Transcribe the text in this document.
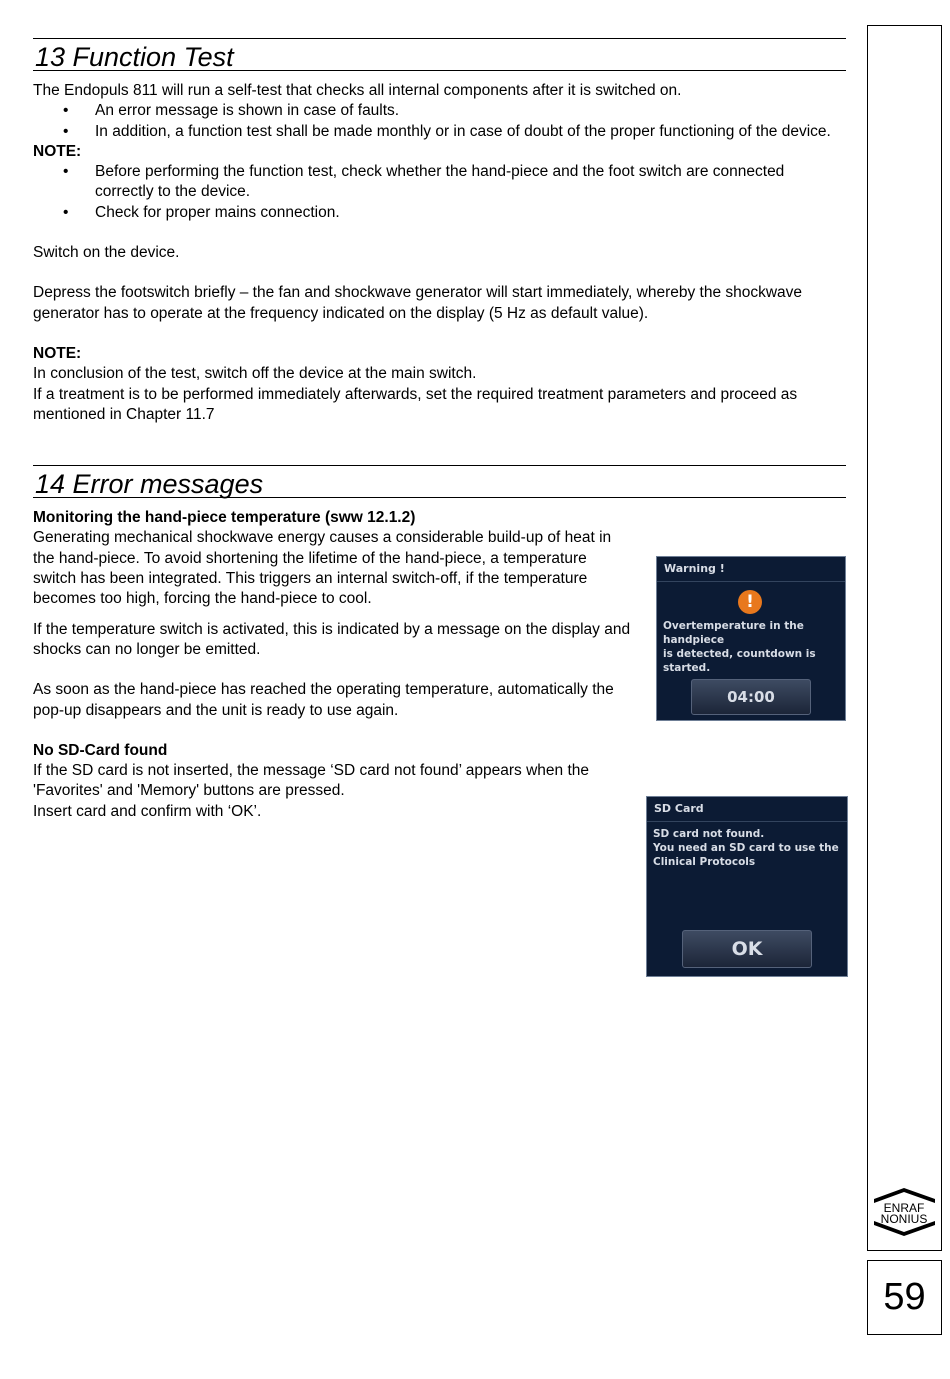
13 Function Test

The Endopuls 811 will run a self-test that checks all internal components after it is switched on.

• An error message is shown in case of faults.
• In addition, a function test shall be made monthly or in case of doubt of the proper functioning of the device.

NOTE:

• Before performing the function test, check whether the hand-piece and the foot switch are connected correctly to the device.
• Check for proper mains connection.

Switch on the device.

Depress the footswitch briefly – the fan and shockwave generator will start immediately, whereby the shockwave generator has to operate at the frequency indicated on the display (5 Hz as default value).

NOTE:

In conclusion of the test, switch off the device at the main switch.

If a treatment is to be performed immediately afterwards, set the required treatment parameters and proceed as mentioned in Chapter 11.7

14 Error messages

Monitoring the hand-piece temperature (sww 12.1.2)

Generating mechanical shockwave energy causes a considerable build-up of heat in the hand-piece. To avoid shortening the lifetime of the hand-piece, a temperature switch has been integrated. This triggers an internal switch-off, if the temperature becomes too high, forcing the hand-piece to cool.

If the temperature switch is activated, this is indicated by a message on the display and shocks can no longer be emitted.

As soon as the hand-piece has reached the operating temperature, automatically the pop-up disappears and the unit is ready to use again.

No SD-Card found

If the SD card is not inserted, the message ‘SD card not found’ appears when the 'Favorites' and 'Memory' buttons are pressed.

Insert card and confirm with ‘OK’.

Warning !
!
Overtemperature in the handpiece
is detected, countdown is started.
04:00
SD Card
SD card not found.
You need an SD card to use the
Clinical Protocols
OK
ENRAF
NONIUS
59
